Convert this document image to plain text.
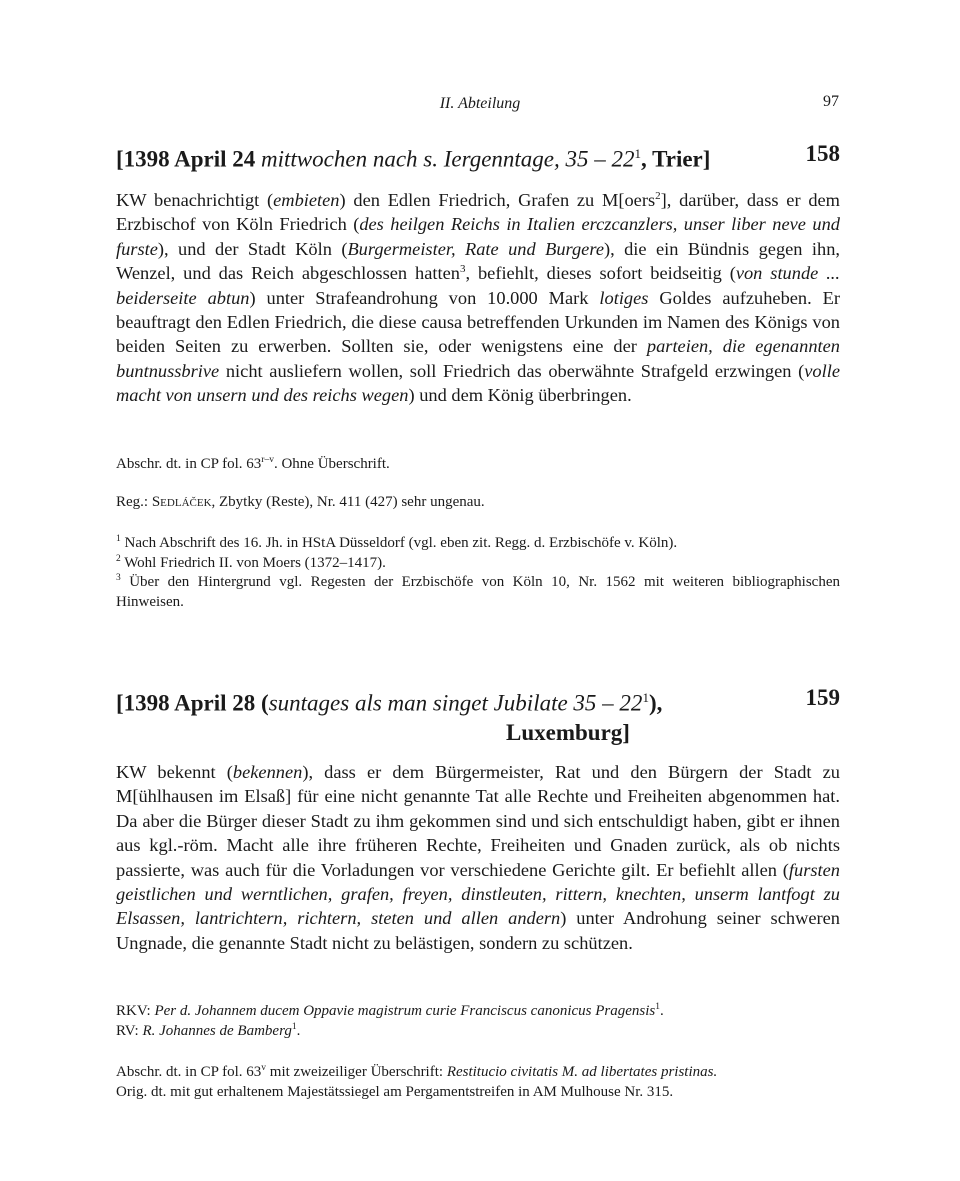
II. Abteilung	97
[1398 April 24 mittwochen nach s. Iergenntage, $35 - 22^1$, Trier]	158
KW benachrichtigt (embieten) den Edlen Friedrich, Grafen zu M[oers$^2$], darüber, dass er dem Erzbischof von Köln Friedrich (des heilgen Reichs in Italien erczcanzlers, unser liber neve und furste), und der Stadt Köln (Burgermeister, Rate und Burgere), die ein Bündnis gegen ihn, Wenzel, und das Reich abgeschlossen hatten$^3$, befiehlt, dieses sofort beidseitig (von stunde ... beiderseite abtun) unter Strafeandrohung von 10.000 Mark lotiges Goldes aufzuheben. Er beauftragt den Edlen Friedrich, die diese causa betreffenden Urkunden im Namen des Königs von beiden Seiten zu erwerben. Sollten sie, oder wenigstens eine der parteien, die egenannten buntnussbrive nicht ausliefern wollen, soll Friedrich das oberwähnte Strafgeld erzwingen (volle macht von unsern und des reichs wegen) und dem König überbringen.
Abschr. dt. in CP fol. 63$^{r-v}$. Ohne Überschrift.
Reg.: Sedláček, Zbytky (Reste), Nr. 411 (427) sehr ungenau.
$^1$ Nach Abschrift des 16. Jh. in HStA Düsseldorf (vgl. eben zit. Regg. d. Erzbischöfe v. Köln).
$^2$ Wohl Friedrich II. von Moers (1372–1417).
$^3$ Über den Hintergrund vgl. Regesten der Erzbischöfe von Köln 10, Nr. 1562 mit weiteren bibliographischen Hinweisen.
[1398 April 28 (suntages als man singet Jubilate $35 - 22^1$),	159
Luxemburg]
KW bekennt (bekennen), dass er dem Bürgermeister, Rat und den Bürgern der Stadt zu M[ühlhausen im Elsaß] für eine nicht genannte Tat alle Rechte und Freiheiten abgenommen hat. Da aber die Bürger dieser Stadt zu ihm gekommen sind und sich entschuldigt haben, gibt er ihnen aus kgl.-röm. Macht alle ihre früheren Rechte, Freiheiten und Gnaden zurück, als ob nichts passierte, was auch für die Vorladungen vor verschiedene Gerichte gilt. Er befiehlt allen (fursten geistlichen und werntlichen, grafen, freyen, dinstleuten, rittern, knechten, unserm lantfogt zu Elsassen, lantrichtern, richtern, steten und allen andern) unter Androhung seiner schweren Ungnade, die genannte Stadt nicht zu belästigen, sondern zu schützen.
RKV: Per d. Johannem ducem Oppavie magistrum curie Franciscus canonicus Pragensis$^1$.
RV: R. Johannes de Bamberg$^1$.
Abschr. dt. in CP fol. 63$^v$ mit zweizeiliger Überschrift: Restitucio civitatis M. ad libertates pristinas.
Orig. dt. mit gut erhaltenem Majestätssiegel am Pergamentstreifen in AM Mulhouse Nr. 315.
